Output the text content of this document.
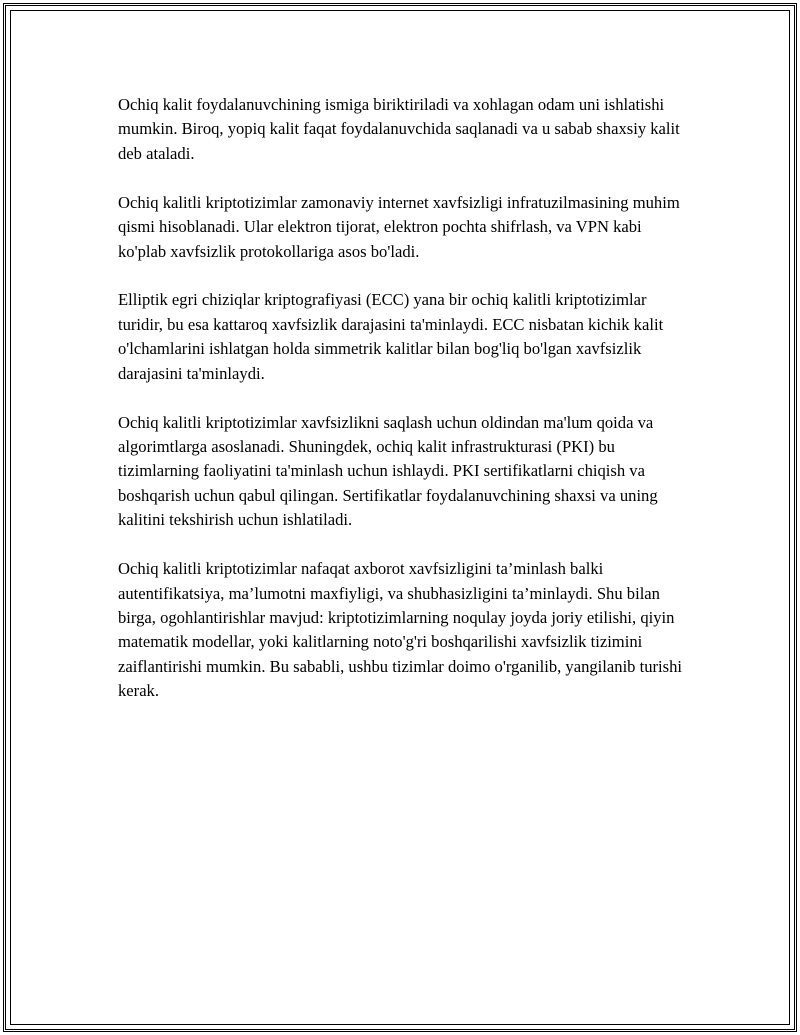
Ochiq kalit foydalanuvchining ismiga biriktiriladi va xohlagan odam uni ishlatishi mumkin. Biroq, yopiq kalit faqat foydalanuvchida saqlanadi va u sabab shaxsiy kalit deb ataladi.

Ochiq kalitli kriptotizimlar zamonaviy internet xavfsizligi infratuzilmasining muhim qismi hisoblanadi. Ular elektron tijorat, elektron pochta shifrlash, va VPN kabi ko'plab xavfsizlik protokollariga asos bo'ladi.

Elliptik egri chiziqlar kriptografiyasi (ECC) yana bir ochiq kalitli kriptotizimlar turidir, bu esa kattaroq xavfsizlik darajasini ta'minlaydi. ECC nisbatan kichik kalit o'lchamlarini ishlatgan holda simmetrik kalitlar bilan bog'liq bo'lgan xavfsizlik darajasini ta'minlaydi.

Ochiq kalitli kriptotizimlar xavfsizlikni saqlash uchun oldindan ma'lum qoida va algorimtlarga asoslanadi. Shuningdek, ochiq kalit infrastrukturasi (PKI) bu tizimlarning faoliyatini ta'minlash uchun ishlaydi. PKI sertifikatlarni chiqish va boshqarish uchun qabul qilingan. Sertifikatlar foydalanuvchining shaxsi va uning kalitini tekshirish uchun ishlatiladi.

Ochiq kalitli kriptotizimlar nafaqat axborot xavfsizligini ta’minlash balki autentifikatsiya, ma’lumotni maxfiyligi, va shubhasizligini ta’minlaydi. Shu bilan birga, ogohlantirishlar mavjud: kriptotizimlarning noqulay joyda joriy etilishi, qiyin matematik modellar, yoki kalitlarning noto'g'ri boshqarilishi xavfsizlik tizimini zaiflantirishi mumkin. Bu sababli, ushbu tizimlar doimo o'rganilib, yangilanib turishi kerak.
